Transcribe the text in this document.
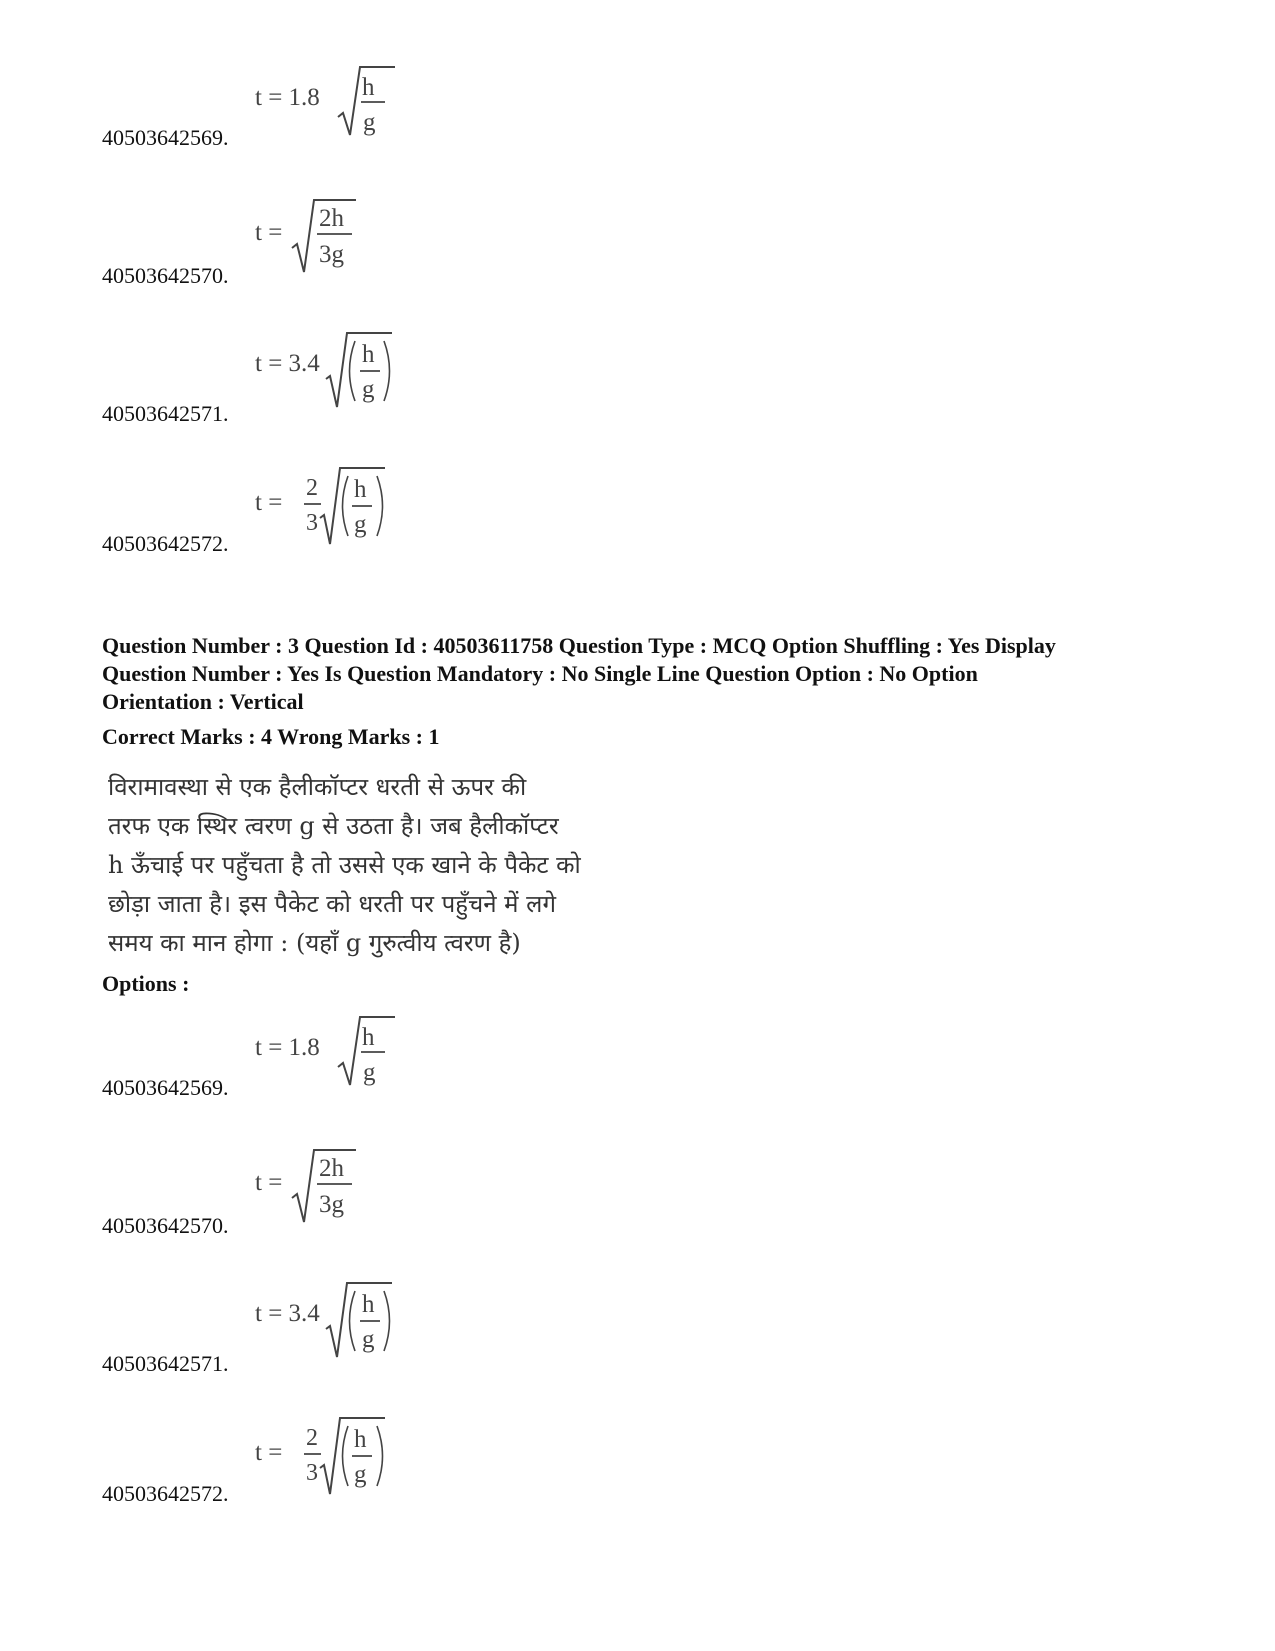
40503642569.
t = 1.8 h
g
40503642570.
t =
2h
3g
40503642571.
t = 3.4 h
g
40503642572.
t =
2
3
h
g
Question Number : 3 Question Id : 40503611758 Question Type : MCQ Option Shuffling : Yes Display
Question Number : Yes Is Question Mandatory : No Single Line Question Option : No Option
Orientation : Vertical
Correct Marks : 4 Wrong Marks : 1
विरामावस्था से एक हैलीकॉप्टर धरती से ऊपर की
तरफ एक स्थिर त्वरण g से उठता है। जब हैलीकॉप्टर
h ऊँचाई पर पहुँचता है तो उससे एक खाने के पैकेट को
छोड़ा जाता है। इस पैकेट को धरती पर पहुँचने में लगे
समय का मान होगा : (यहाँ g गुरुत्वीय त्वरण है)
Options :
40503642569.
t = 1.8 h
g
40503642570.
t =
2h
3g
40503642571.
t = 3.4 h
g
40503642572.
t =
2
3
h
g
